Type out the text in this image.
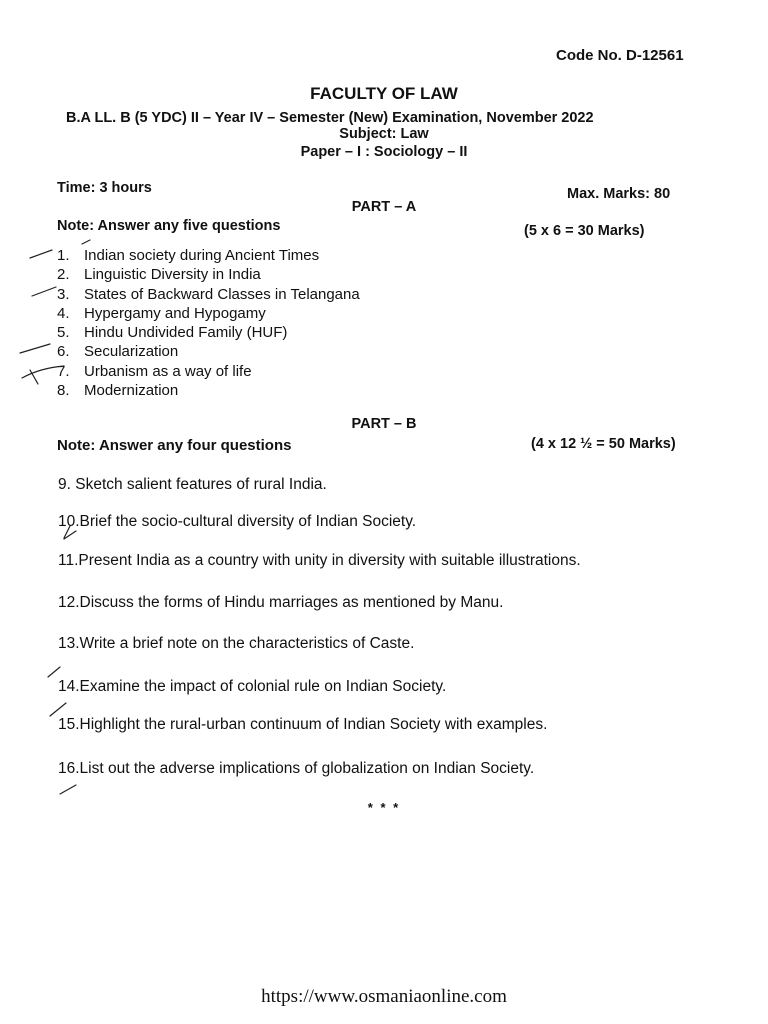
Code No. D-12561
FACULTY OF LAW
B.A LL. B (5 YDC) II – Year IV – Semester (New) Examination, November 2022
Subject: Law
Paper – I : Sociology – II
Time: 3 hours	Max. Marks: 80
PART – A
Note: Answer any five questions	(5 x 6 = 30 Marks)
1. Indian society during Ancient Times
2. Linguistic Diversity in India
3. States of Backward Classes in Telangana
4. Hypergamy and Hypogamy
5. Hindu Undivided Family (HUF)
6. Secularization
7. Urbanism as a way of life
8. Modernization
PART – B
Note: Answer any four questions	(4 x 12 ½ = 50 Marks)
9. Sketch salient features of rural India.
10.Brief the socio-cultural diversity of Indian Society.
11.Present India as a country with unity in diversity with suitable illustrations.
12.Discuss the forms of Hindu marriages as mentioned by Manu.
13.Write a brief note on the characteristics of Caste.
14.Examine the impact of colonial rule on Indian Society.
15.Highlight the rural-urban continuum of Indian Society with examples.
16.List out the adverse implications of globalization on Indian Society.
* * *
https://www.osmaniaonline.com
